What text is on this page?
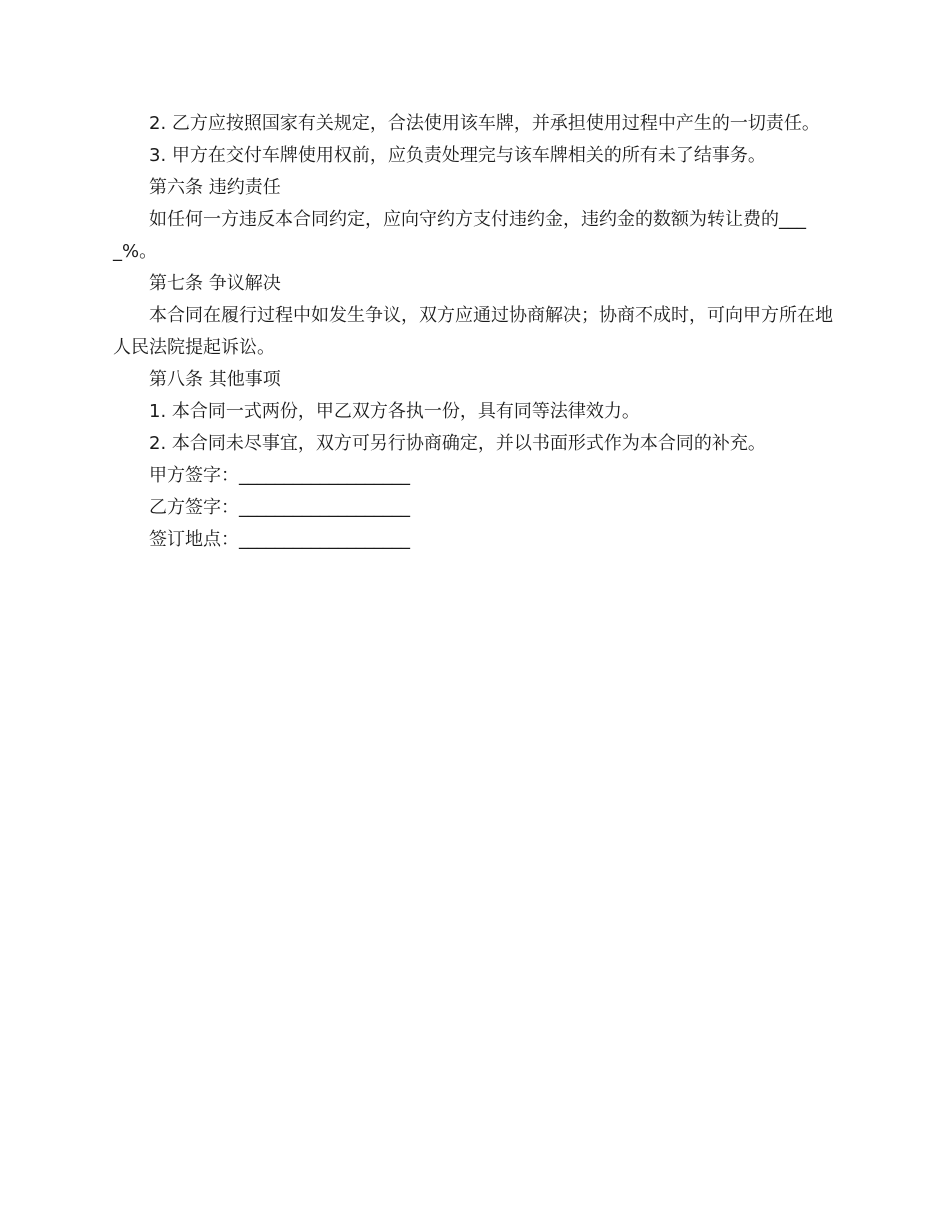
2. 乙方应按照国家有关规定，合法使用该车牌，并承担使用过程中产生的一切责任。

3. 甲方在交付车牌使用权前，应负责处理完与该车牌相关的所有未了结事务。

第六条 违约责任

如任何一方违反本合同约定，应向守约方支付违约金，违约金的数额为转让费的____%。

第七条 争议解决

本合同在履行过程中如发生争议，双方应通过协商解决；协商不成时，可向甲方所在地人民法院提起诉讼。

第八条 其他事项

1. 本合同一式两份，甲乙双方各执一份，具有同等法律效力。

2. 本合同未尽事宜，双方可另行协商确定，并以书面形式作为本合同的补充。

甲方签字：___________________

乙方签字：___________________

签订地点：___________________
